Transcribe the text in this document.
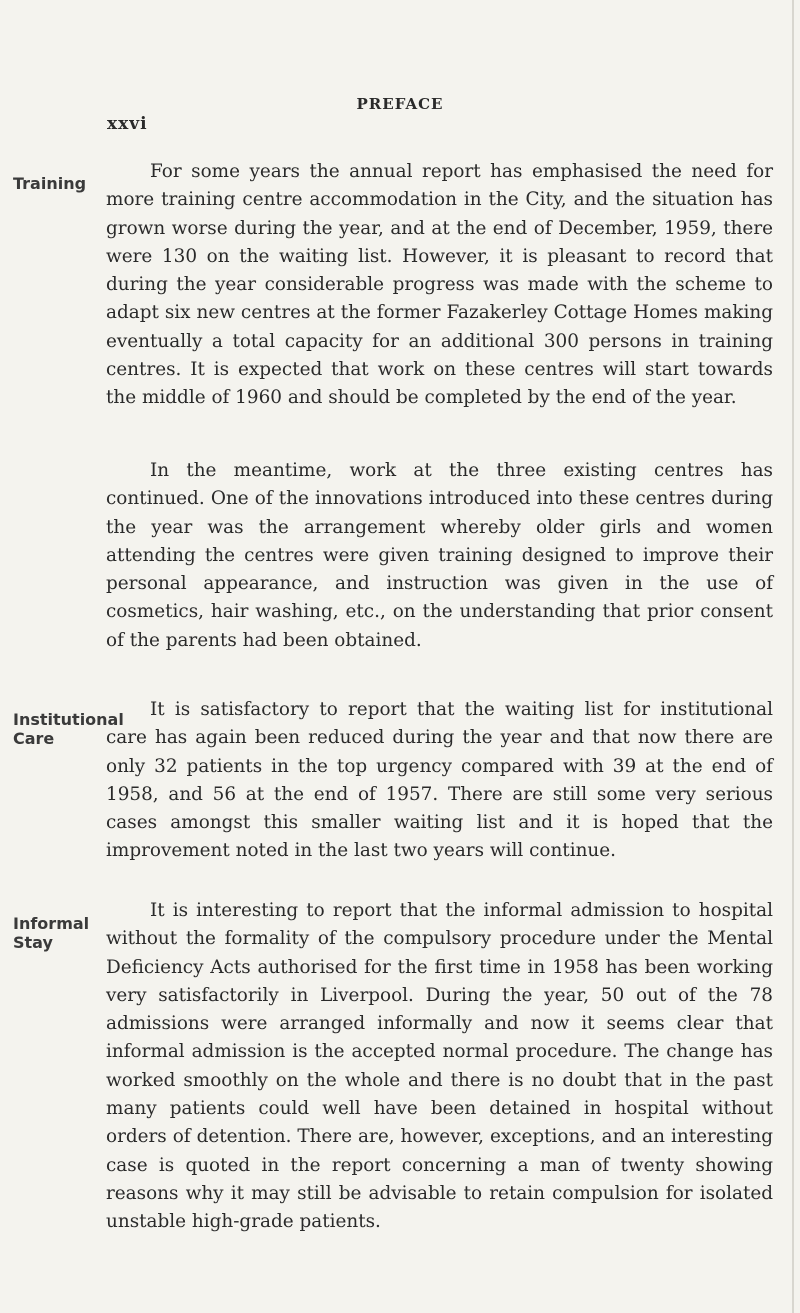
xxvi
PREFACE
Training

For some years the annual report has emphasised the need for more training centre accommodation in the City, and the situation has grown worse during the year, and at the end of December, 1959, there were 130 on the waiting list. However, it is pleasant to record that during the year considerable progress was made with the scheme to adapt six new centres at the former Fazakerley Cottage Homes making eventually a total capacity for an additional 300 persons in training centres. It is expected that work on these centres will start towards the middle of 1960 and should be completed by the end of the year.

In the meantime, work at the three existing centres has continued. One of the innovations introduced into these centres during the year was the arrangement whereby older girls and women attending the centres were given training designed to improve their personal appearance, and instruction was given in the use of cosmetics, hair washing, etc., on the understanding that prior consent of the parents had been obtained.

Institutional Care

It is satisfactory to report that the waiting list for institutional care has again been reduced during the year and that now there are only 32 patients in the top urgency compared with 39 at the end of 1958, and 56 at the end of 1957. There are still some very serious cases amongst this smaller waiting list and it is hoped that the improvement noted in the last two years will continue.

Informal Stay

It is interesting to report that the informal admission to hospital without the formality of the compulsory procedure under the Mental Deficiency Acts authorised for the first time in 1958 has been working very satisfactorily in Liverpool. During the year, 50 out of the 78 admissions were arranged informally and now it seems clear that informal admission is the accepted normal procedure. The change has worked smoothly on the whole and there is no doubt that in the past many patients could well have been detained in hospital without orders of detention. There are, however, exceptions, and an interesting case is quoted in the report concerning a man of twenty showing reasons why it may still be advisable to retain compulsion for isolated unstable high-grade patients.
